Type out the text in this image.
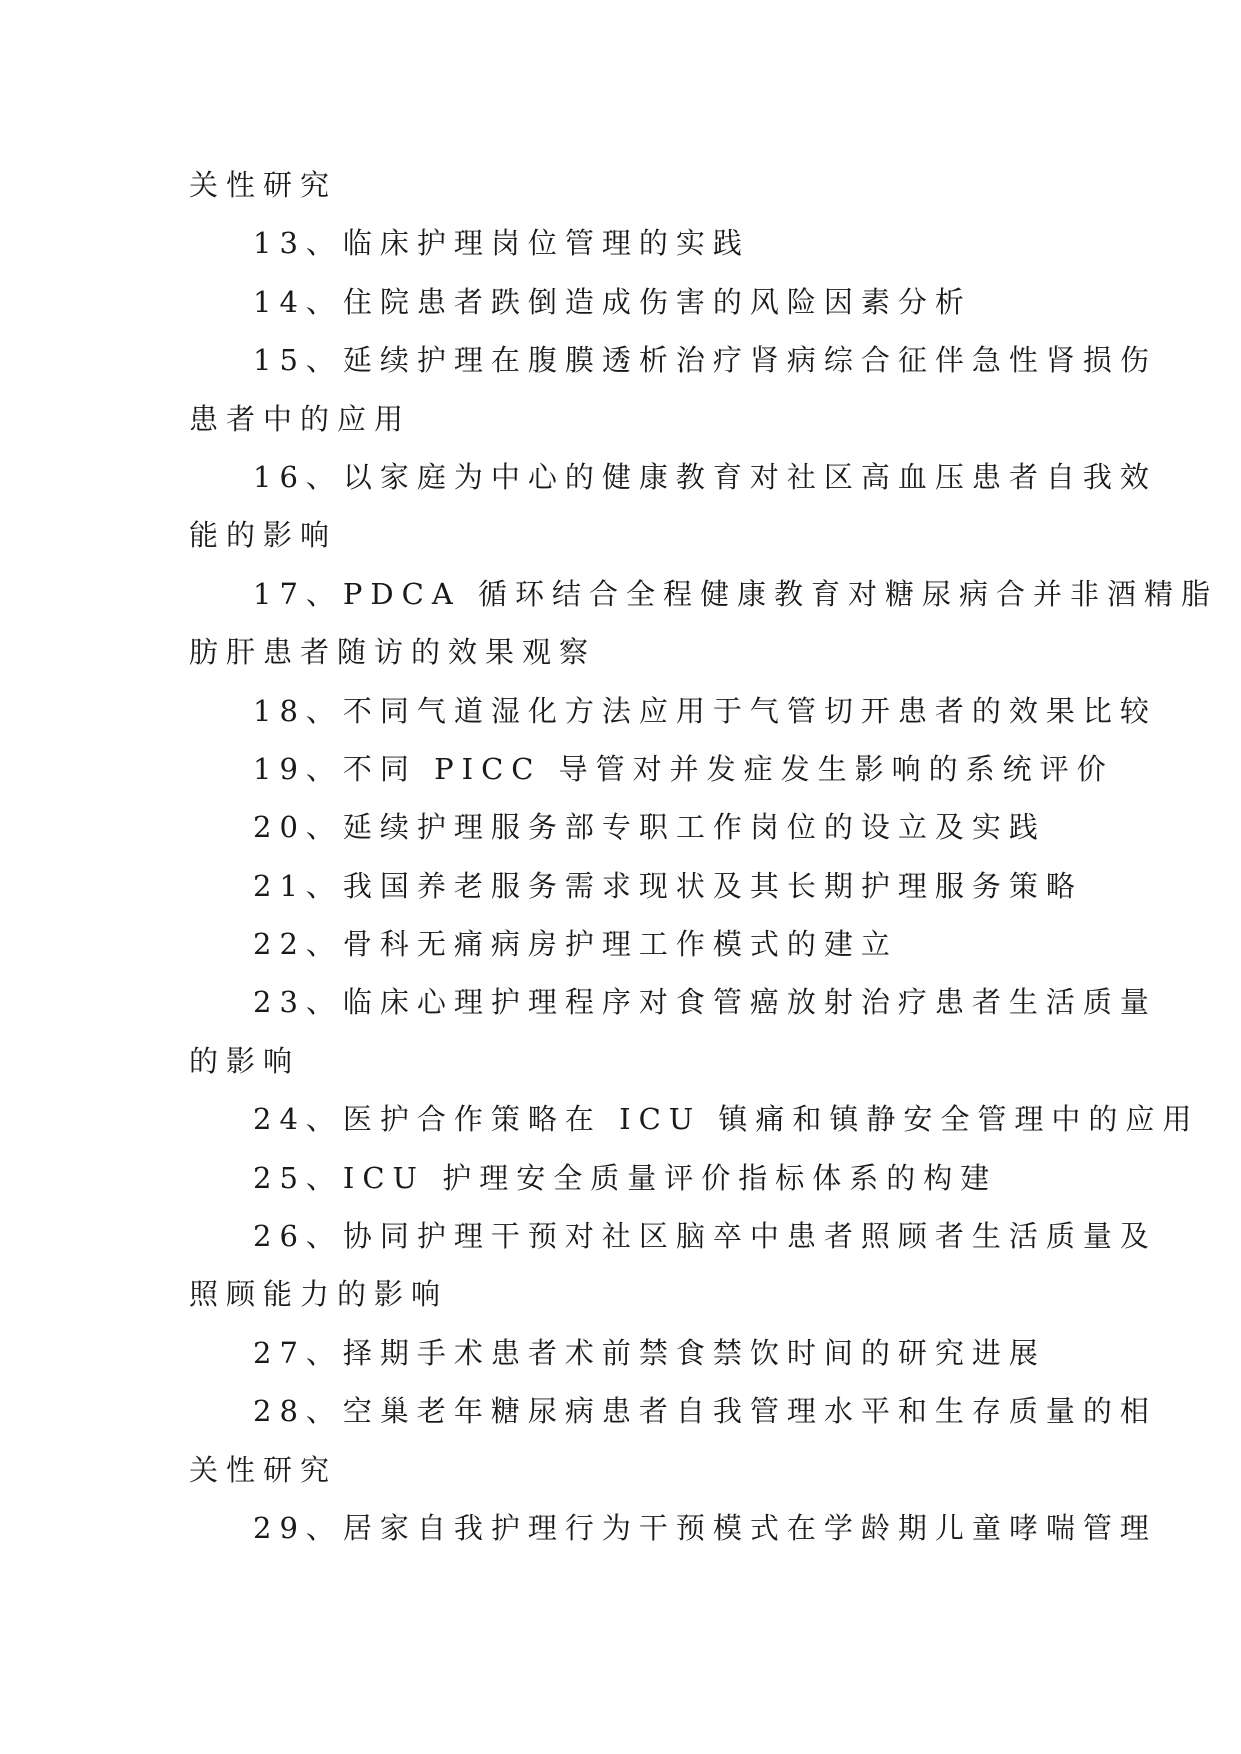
关性研究
13、临床护理岗位管理的实践
14、住院患者跌倒造成伤害的风险因素分析
15、延续护理在腹膜透析治疗肾病综合征伴急性肾损伤
患者中的应用
16、以家庭为中心的健康教育对社区高血压患者自我效
能的影响
17、PDCA 循环结合全程健康教育对糖尿病合并非酒精脂
肪肝患者随访的效果观察
18、不同气道湿化方法应用于气管切开患者的效果比较
19、不同 PICC 导管对并发症发生影响的系统评价
20、延续护理服务部专职工作岗位的设立及实践
21、我国养老服务需求现状及其长期护理服务策略
22、骨科无痛病房护理工作模式的建立
23、临床心理护理程序对食管癌放射治疗患者生活质量
的影响
24、医护合作策略在 ICU 镇痛和镇静安全管理中的应用
25、ICU 护理安全质量评价指标体系的构建
26、协同护理干预对社区脑卒中患者照顾者生活质量及
照顾能力的影响
27、择期手术患者术前禁食禁饮时间的研究进展
28、空巢老年糖尿病患者自我管理水平和生存质量的相
关性研究
29、居家自我护理行为干预模式在学龄期儿童哮喘管理
